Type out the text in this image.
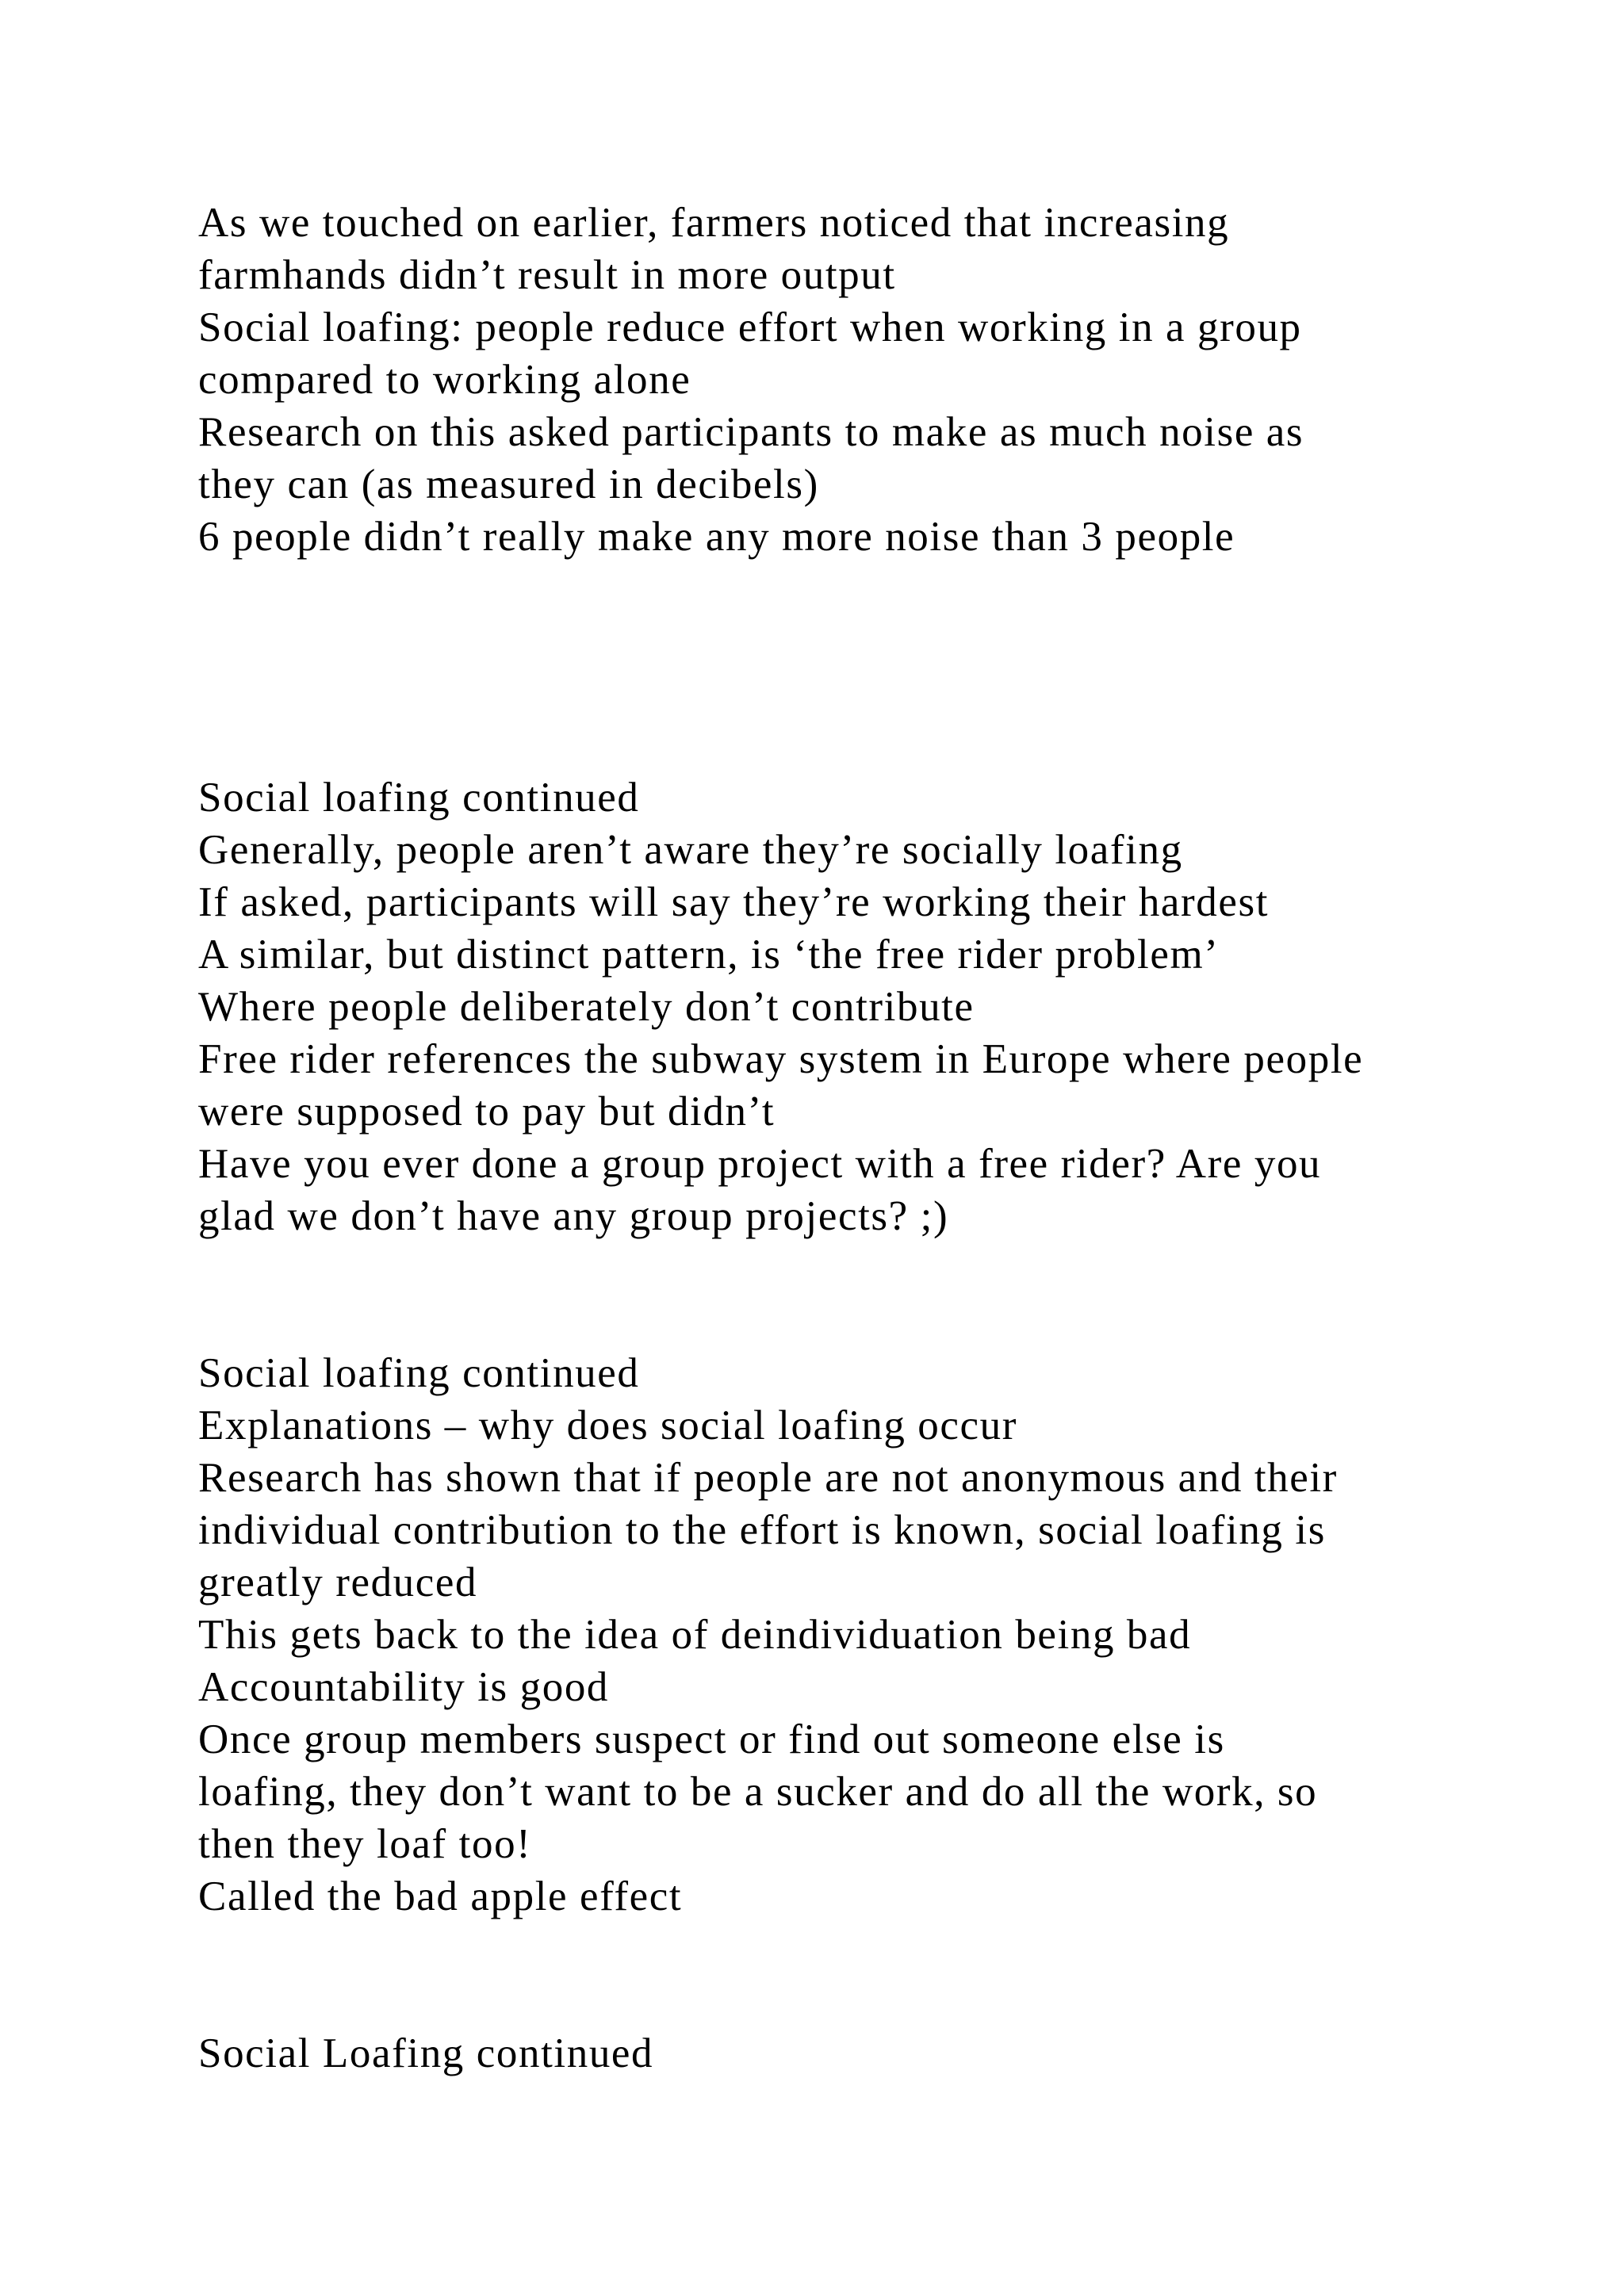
As we touched on earlier, farmers noticed that increasing
farmhands didn’t result in more output
Social loafing: people reduce effort when working in a group
compared to working alone
Research on this asked participants to make as much noise as
they can (as measured in decibels)
6 people didn’t really make any more noise than 3 people
Social loafing continued
Generally, people aren’t aware they’re socially loafing
If asked, participants will say they’re working their hardest
A similar, but distinct pattern, is ‘the free rider problem’
Where people deliberately don’t contribute
Free rider references the subway system in Europe where people
were supposed to pay but didn’t
Have you ever done a group project with a free rider? Are you
glad we don’t have any group projects? ;)
Social loafing continued
Explanations – why does social loafing occur
Research has shown that if people are not anonymous and their
individual contribution to the effort is known, social loafing is
greatly reduced
This gets back to the idea of deindividuation being bad
Accountability is good
Once group members suspect or find out someone else is
loafing, they don’t want to be a sucker and do all the work, so
then they loaf too!
Called the bad apple effect
Social Loafing continued
